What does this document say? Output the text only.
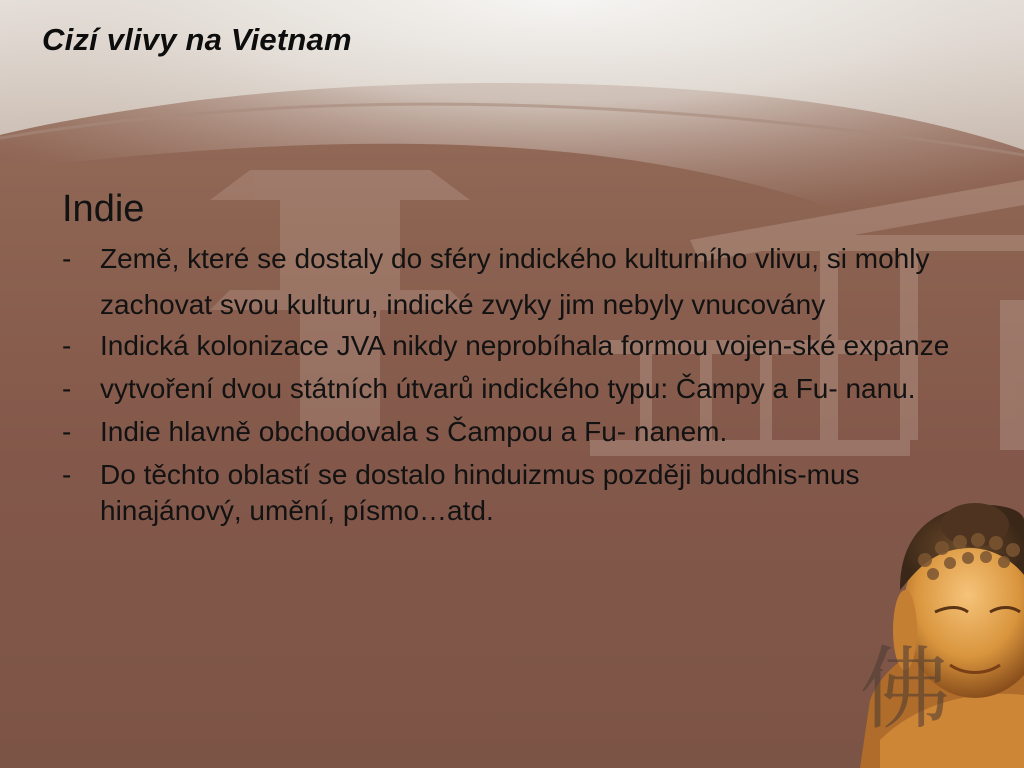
佛
Cizí vlivy na Vietnam
Indie
- Země, které se dostaly do sféry indického kulturního vlivu, si mohly zachovat svou kulturu, indické zvyky jim nebyly vnucovány
- Indická kolonizace JVA nikdy neprobíhala formou vojen-ské expanze
- vytvoření dvou státních útvarů indického typu: Čampy a Fu- nanu.
- Indie hlavně obchodovala s Čampou a Fu- nanem.
- Do těchto oblastí se dostalo hinduizmus později buddhis-mus hinajánový, umění, písmo…atd.
